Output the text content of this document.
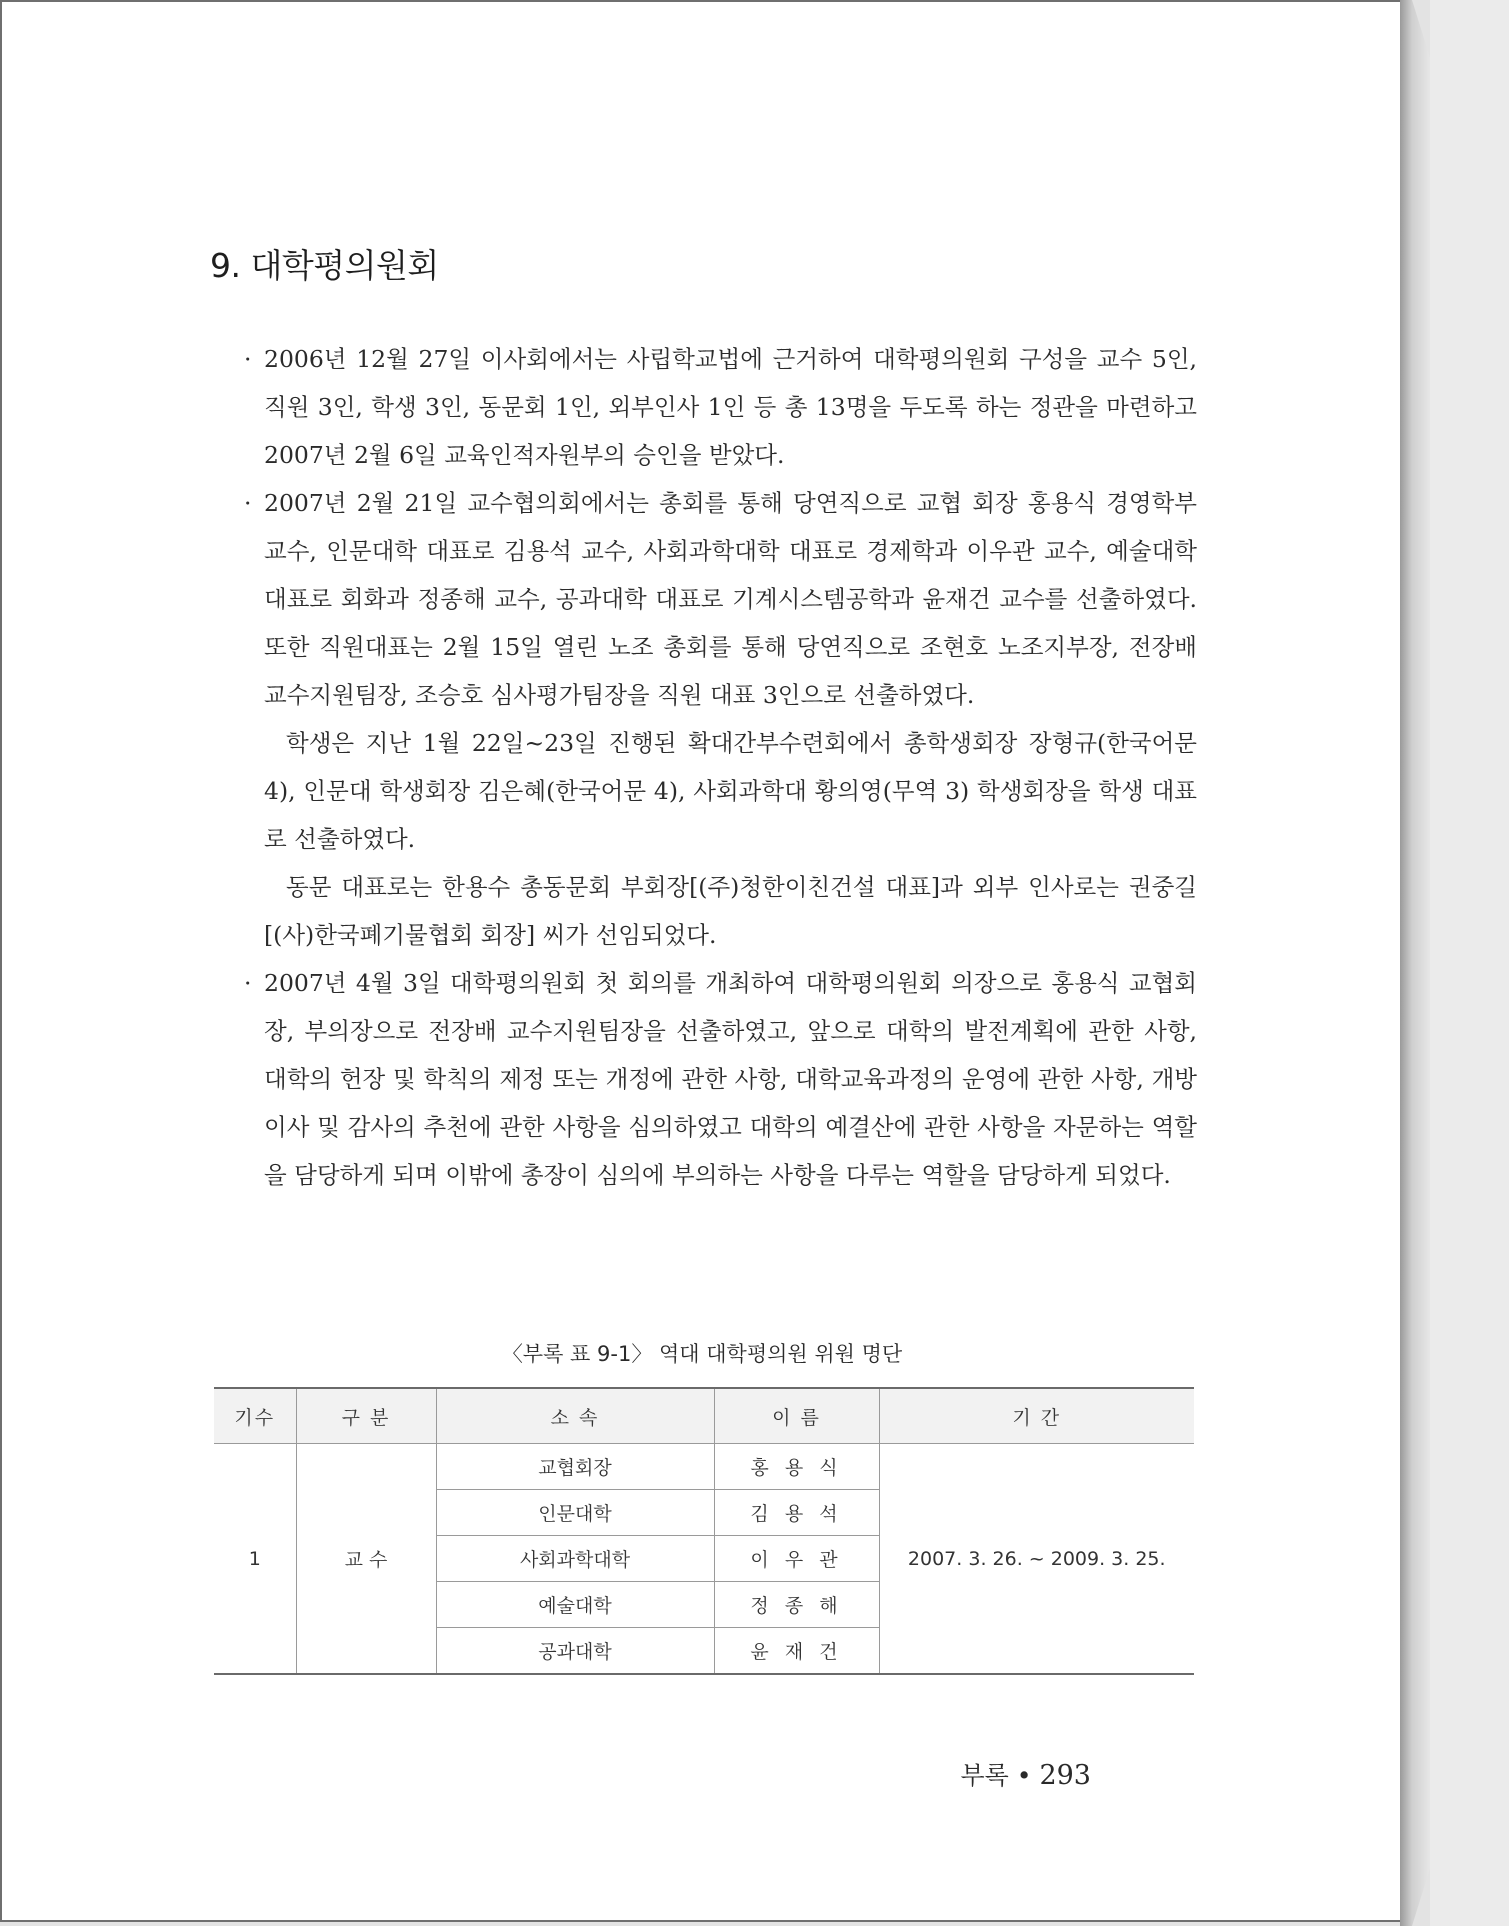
9. 대학평의원회

· 2006년 12월 27일 이사회에서는 사립학교법에 근거하여 대학평의원회 구성을 교수 5인, 직원 3인, 학생 3인, 동문회 1인, 외부인사 1인 등 총 13명을 두도록 하는 정관을 마련하고 2007년 2월 6일 교육인적자원부의 승인을 받았다.

· 2007년 2월 21일 교수협의회에서는 총회를 통해 당연직으로 교협 회장 홍용식 경영학부 교수, 인문대학 대표로 김용석 교수, 사회과학대학 대표로 경제학과 이우관 교수, 예술대학 대표로 회화과 정종해 교수, 공과대학 대표로 기계시스템공학과 윤재건 교수를 선출하였다. 또한 직원대표는 2월 15일 열린 노조 총회를 통해 당연직으로 조현호 노조지부장, 전장배 교수지원팀장, 조승호 심사평가팀장을 직원 대표 3인으로 선출하였다.

학생은 지난 1월 22일~23일 진행된 확대간부수련회에서 총학생회장 장형규(한국어문 4), 인문대 학생회장 김은혜(한국어문 4), 사회과학대 황의영(무역 3) 학생회장을 학생 대표로 선출하였다.

동문 대표로는 한용수 총동문회 부회장[(주)청한이친건설 대표]과 외부 인사로는 권중길[(사)한국폐기물협회 회장] 씨가 선임되었다.

· 2007년 4월 3일 대학평의원회 첫 회의를 개최하여 대학평의원회 의장으로 홍용식 교협회장, 부의장으로 전장배 교수지원팀장을 선출하였고, 앞으로 대학의 발전계획에 관한 사항, 대학의 헌장 및 학칙의 제정 또는 개정에 관한 사항, 대학교육과정의 운영에 관한 사항, 개방이사 및 감사의 추천에 관한 사항을 심의하였고 대학의 예결산에 관한 사항을 자문하는 역할을 담당하게 되며 이밖에 총장이 심의에 부의하는 사항을 다루는 역할을 담당하게 되었다.

〈부록 표 9-1〉 역대 대학평의원 위원 명단
기수	구 분	소 속	이 름	기 간
1	교 수	교협회장	홍 용 식	2007. 3. 26. ~ 2009. 3. 25.
		인문대학	김 용 석	
		사회과학대학	이 우 관	
		예술대학	정 종 해	
		공과대학	윤 재 건	
부록 • 293
